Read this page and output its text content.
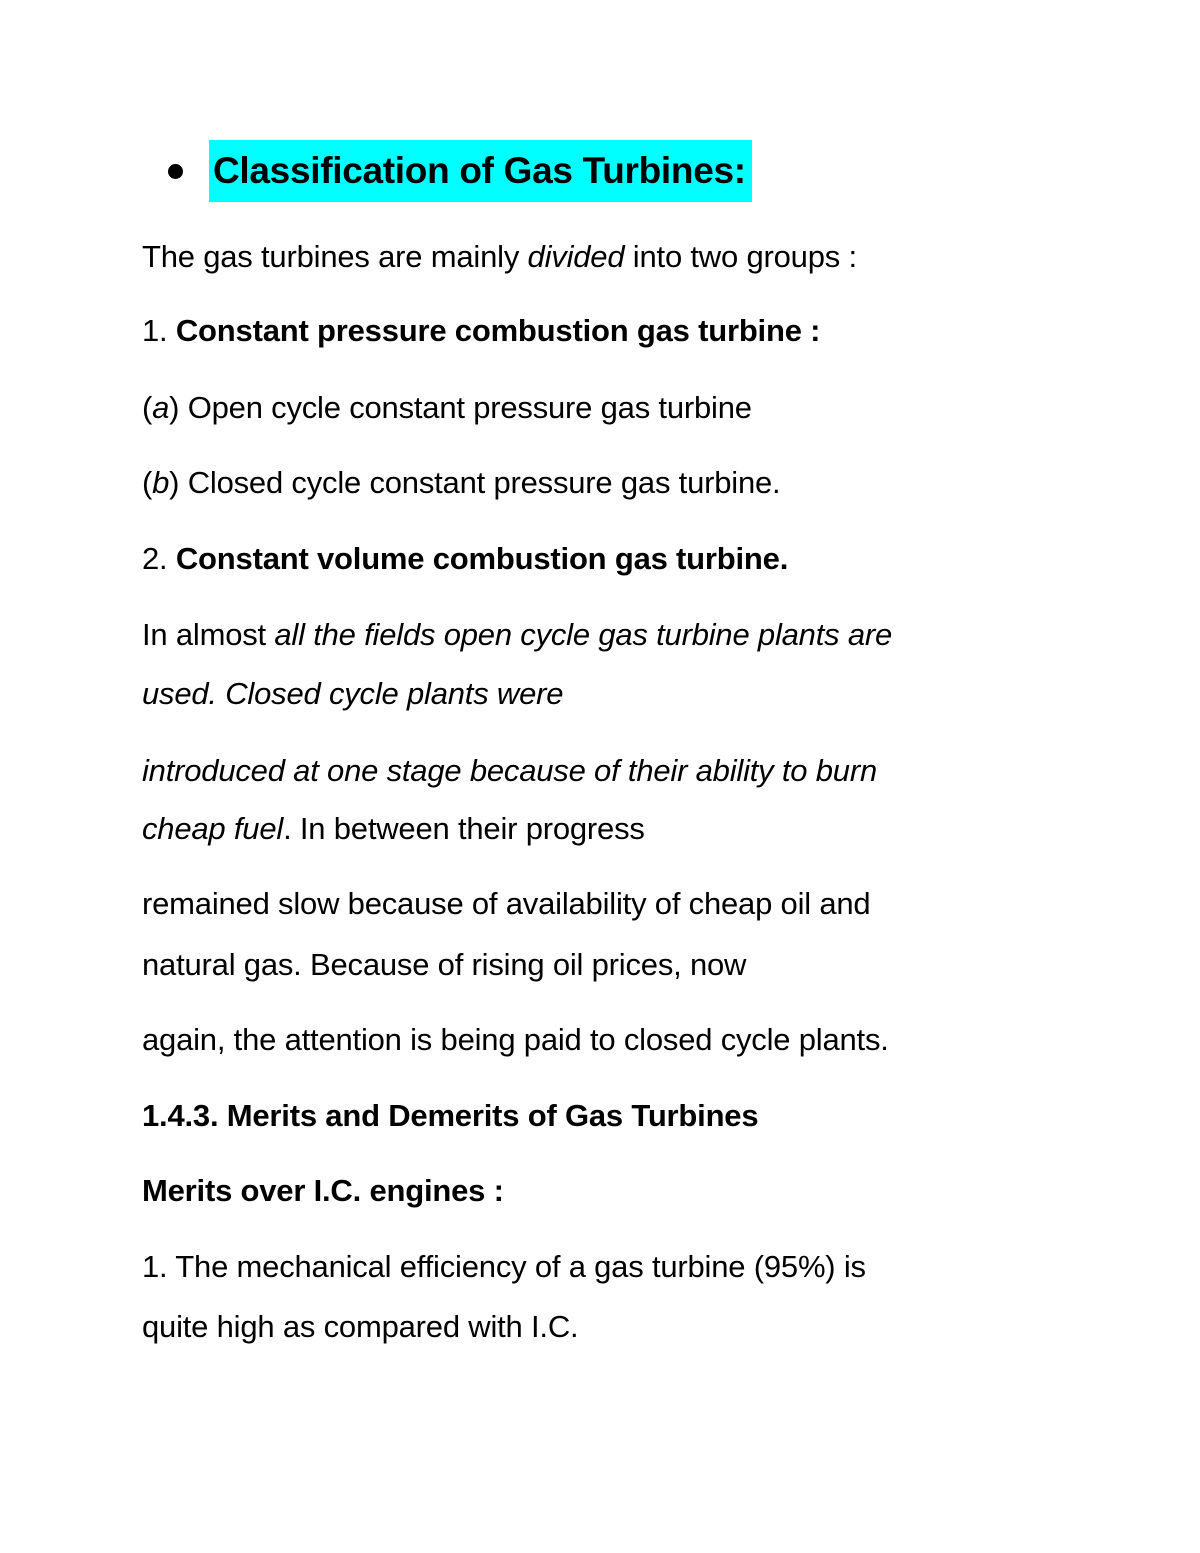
Classification of Gas Turbines:
The gas turbines are mainly divided into two groups :
1. Constant pressure combustion gas turbine :
(a) Open cycle constant pressure gas turbine
(b) Closed cycle constant pressure gas turbine.
2. Constant volume combustion gas turbine.
In almost all the fields open cycle gas turbine plants are
used. Closed cycle plants were
introduced at one stage because of their ability to burn
cheap fuel. In between their progress
remained slow because of availability of cheap oil and
natural gas. Because of rising oil prices, now
again, the attention is being paid to closed cycle plants.
1.4.3. Merits and Demerits of Gas Turbines
Merits over I.C. engines :
1. The mechanical efficiency of a gas turbine (95%) is
quite high as compared with I.C.
